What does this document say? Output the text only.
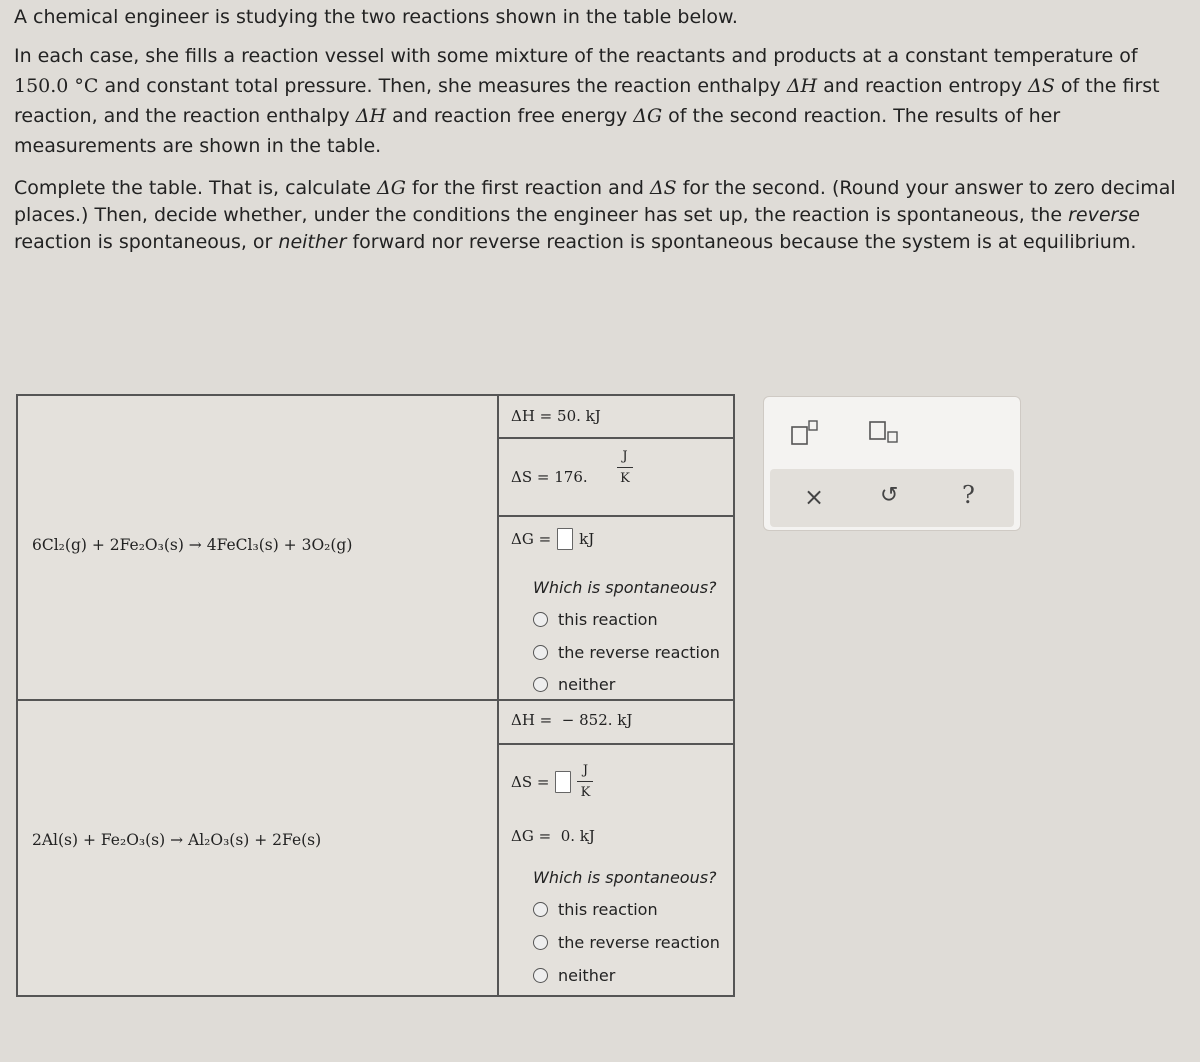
A chemical engineer is studying the two reactions shown in the table below.

In each case, she fills a reaction vessel with some mixture of the reactants and products at a constant temperature of 150.0 °C and constant total pressure. Then, she measures the reaction enthalpy ΔH and reaction entropy ΔS of the first reaction, and the reaction enthalpy ΔH and reaction free energy ΔG of the second reaction. The results of her measurements are shown in the table.

Complete the table. That is, calculate ΔG for the first reaction and ΔS for the second. (Round your answer to zero decimal places.) Then, decide whether, under the conditions the engineer has set up, the reaction is spontaneous, the reverse reaction is spontaneous, or neither forward nor reverse reaction is spontaneous because the system is at equilibrium.

6Cl₂(g) + 2Fe₂O₃(s) → 4FeCl₃(s) + 3O₂(g)
ΔH = 50. kJ
ΔS = 176.
J
K
ΔG = kJ
Which is spontaneous?
this reaction
the reverse reaction
neither
2Al(s) + Fe₂O₃(s) → Al₂O₃(s) + 2Fe(s)
ΔH = − 852. kJ
$\Delta S = \frac{J}{K}$
ΔG = 0. kJ
Which is spontaneous?
this reaction
the reverse reaction
neither
×	↺	?
